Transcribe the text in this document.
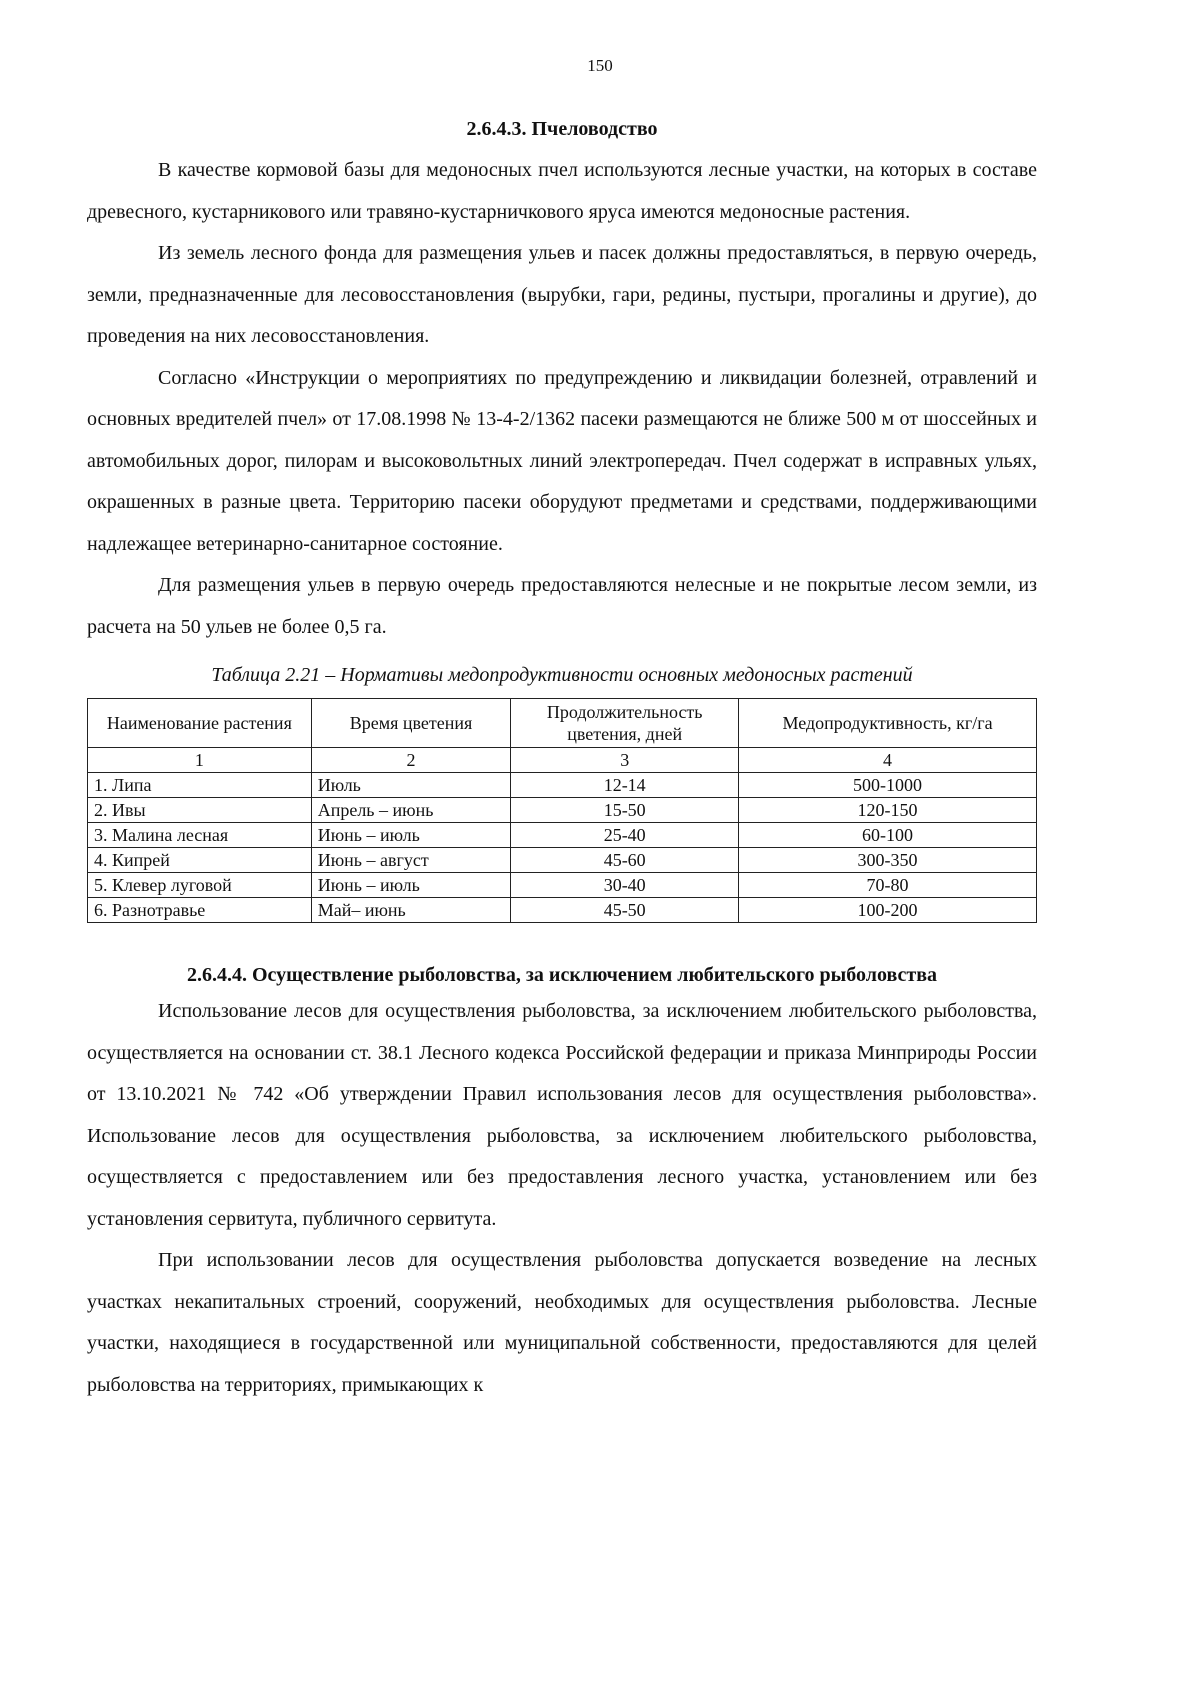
150
2.6.4.3. Пчеловодство

В качестве кормовой базы для медоносных пчел используются лесные участки, на которых в составе древесного, кустарникового или травяно-кустарничкового яруса имеются медоносные растения.

Из земель лесного фонда для размещения ульев и пасек должны предоставляться, в первую очередь, земли, предназначенные для лесовосстановления (вырубки, гари, редины, пустыри, прогалины и другие), до проведения на них лесовосстановления.

Согласно «Инструкции о мероприятиях по предупреждению и ликвидации болезней, отравлений и основных вредителей пчел» от 17.08.1998 № 13-4-2/1362 пасеки размещаются не ближе 500 м от шоссейных и автомобильных дорог, пилорам и высоковольтных линий электропередач. Пчел содержат в исправных ульях, окрашенных в разные цвета. Территорию пасеки оборудуют предметами и средствами, поддерживающими надлежащее ветеринарно-санитарное состояние.

Для размещения ульев в первую очередь предоставляются нелесные и не покрытые лесом земли, из расчета на 50 ульев не более 0,5 га.

Таблица 2.21 – Нормативы медопродуктивности основных медоносных растений
Наименование растения	Время цветения	Продолжительность цветения, дней	Медопродуктивность, кг/га
1	2	3	4
1. Липа	Июль	12-14	500-1000
2. Ивы	Апрель – июнь	15-50	120-150
3. Малина лесная	Июнь – июль	25-40	60-100
4. Кипрей	Июнь – август	45-60	300-350
5. Клевер луговой	Июнь – июль	30-40	70-80
6. Разнотравье	Май– июнь	45-50	100-200
2.6.4.4. Осуществление рыболовства, за исключением любительского рыболовства

Использование лесов для осуществления рыболовства, за исключением любительского рыболовства, осуществляется на основании ст. 38.1 Лесного кодекса Российской федерации и приказа Минприроды России от 13.10.2021 № 742 «Об утверждении Правил использования лесов для осуществления рыболовства». Использование лесов для осуществления рыболовства, за исключением любительского рыболовства, осуществляется с предоставлением или без предоставления лесного участка, установлением или без установления сервитута, публичного сервитута.

При использовании лесов для осуществления рыболовства допускается возведение на лесных участках некапитальных строений, сооружений, необходимых для осуществления рыболовства. Лесные участки, находящиеся в государственной или муниципальной собственности, предоставляются для целей рыболовства на территориях, примыкающих к
